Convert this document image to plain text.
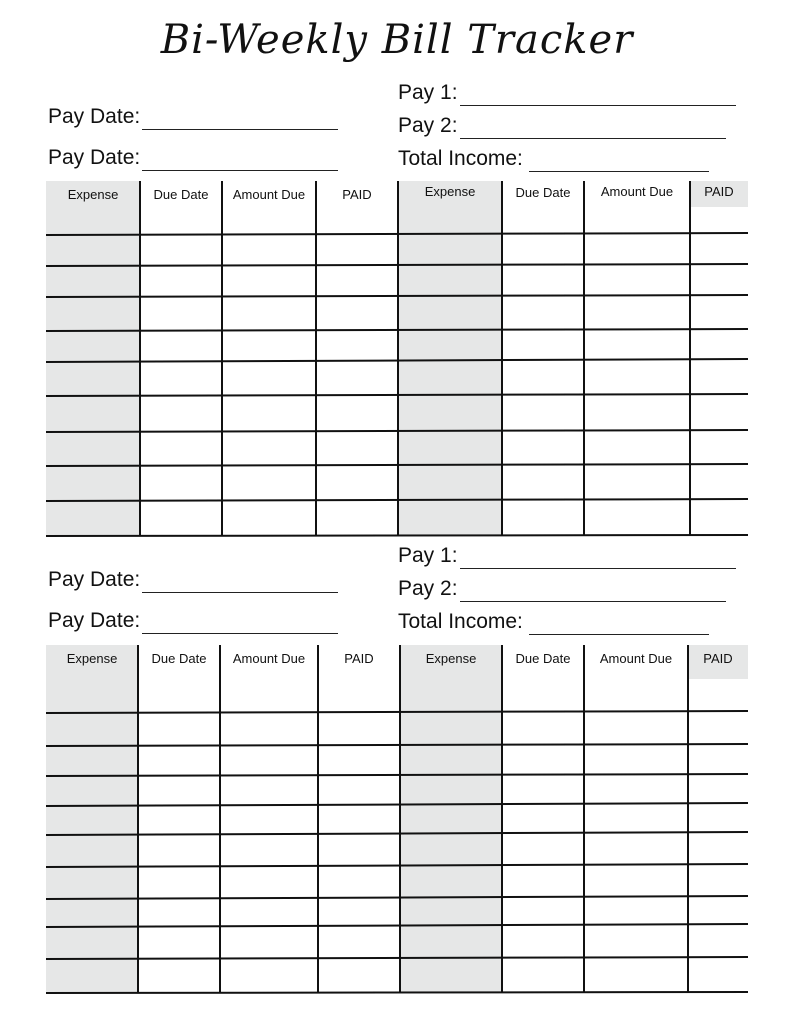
Bi-Weekly Bill Tracker
Pay 1:
Pay 2:
Pay Date:
Pay Date:	Total Income:
Expense	Due Date	Amount Due	PAID	Expense	Due Date	Amount Due	PAID
Pay 1:
Pay 2:
Pay Date:
Pay Date:	Total Income:
Expense	Due Date	Amount Due	PAID	Expense	Due Date	Amount Due	PAID
